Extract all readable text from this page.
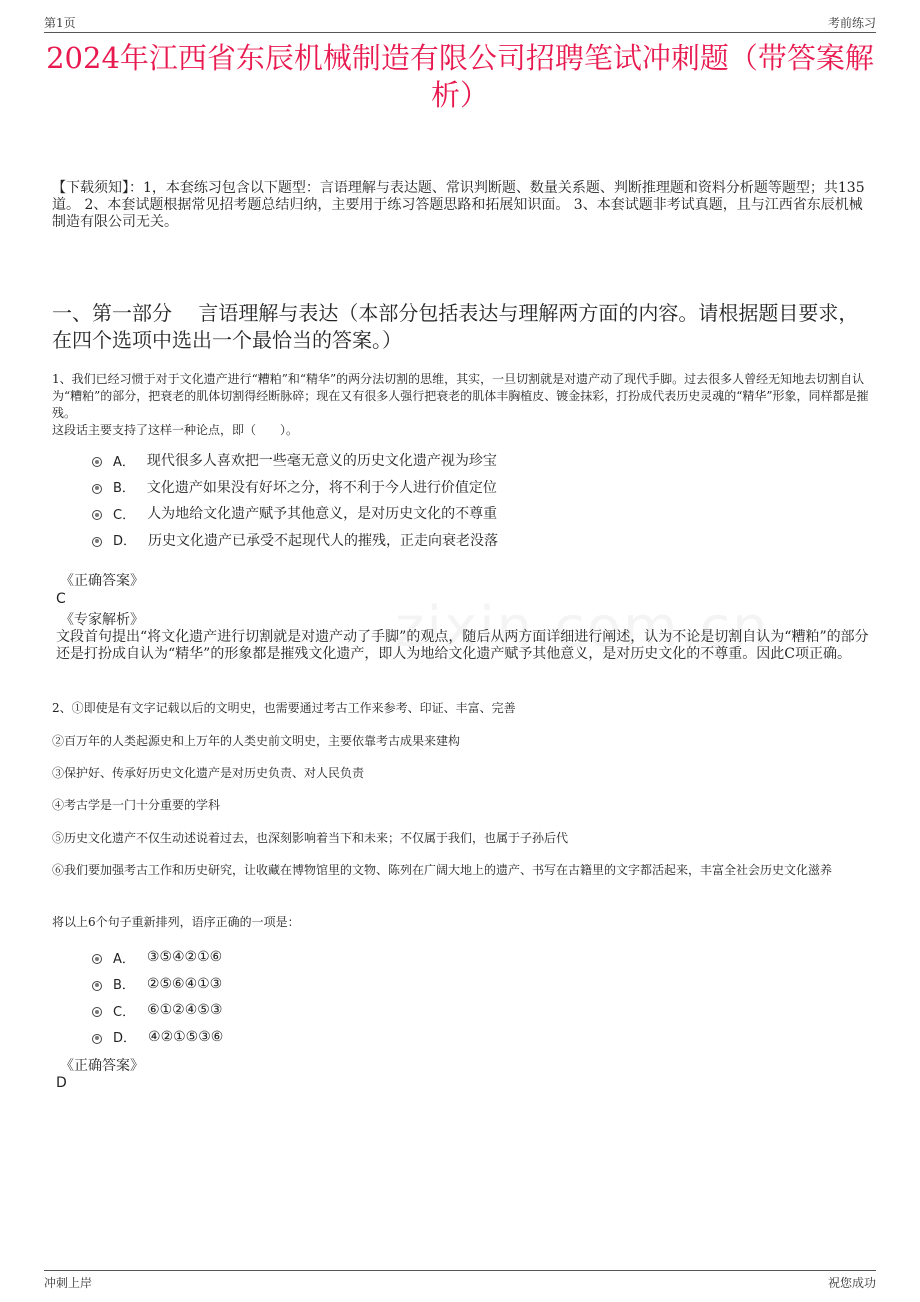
第1页	考前练习
2024年江西省东辰机械制造有限公司招聘笔试冲刺题（带答案解析）
【下载须知】：1，本套练习包含以下题型：言语理解与表达题、常识判断题、数量关系题、判断推理题和资料分析题等题型；共135道。 2、本套试题根据常见招考题总结归纳，主要用于练习答题思路和拓展知识面。 3、本套试题非考试真题，且与江西省东辰机械制造有限公司无关。
一、第一部分　 言语理解与表达（本部分包括表达与理解两方面的内容。请根据题目要求，在四个选项中选出一个最恰当的答案。）
1、我们已经习惯于对于文化遗产进行“糟粕”和“精华”的两分法切割的思维，其实，一旦切割就是对遗产动了现代手脚。过去很多人曾经无知地去切割自认为“糟粕”的部分，把衰老的肌体切割得经断脉碎；现在又有很多人强行把衰老的肌体丰胸植皮、镀金抹彩，打扮成代表历史灵魂的“精华”形象，同样都是摧残。
这段话主要支持了这样一种论点，即（　　）。
A． 现代很多人喜欢把一些毫无意义的历史文化遗产视为珍宝
B． 文化遗产如果没有好坏之分，将不利于今人进行价值定位
C． 人为地给文化遗产赋予其他意义，是对历史文化的不尊重
D． 历史文化遗产已承受不起现代人的摧残，正走向衰老没落
《正确答案》
C
《专家解析》
文段首句提出“将文化遗产进行切割就是对遗产动了手脚”的观点，随后从两方面详细进行阐述，认为不论是切割自认为“糟粕”的部分还是打扮成自认为“精华”的形象都是摧残文化遗产，即人为地给文化遗产赋予其他意义，是对历史文化的不尊重。因此C项正确。
2、①即使是有文字记载以后的文明史，也需要通过考古工作来参考、印证、丰富、完善
②百万年的人类起源史和上万年的人类史前文明史，主要依靠考古成果来建构
③保护好、传承好历史文化遗产是对历史负责、对人民负责
④考古学是一门十分重要的学科
⑤历史文化遗产不仅生动述说着过去，也深刻影响着当下和未来；不仅属于我们，也属于子孙后代
⑥我们要加强考古工作和历史研究，让收藏在博物馆里的文物、陈列在广阔大地上的遗产、书写在古籍里的文字都活起来，丰富全社会历史文化滋养
将以上6个句子重新排列，语序正确的一项是：
A． ③⑤④②①⑥
B． ②⑤⑥④①③
C． ⑥①②④⑤③
D． ④②①⑤③⑥
《正确答案》
D
冲刺上岸	祝您成功
